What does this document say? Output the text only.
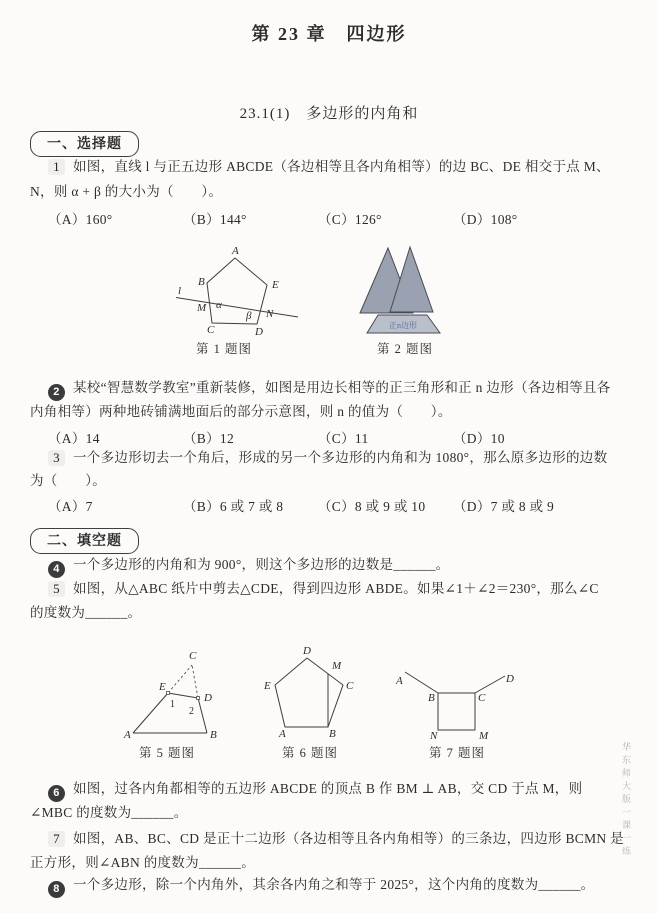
第 23 章　四边形
23.1(1)　多边形的内角和
一、选择题
1 如图，直线 l 与正五边形 ABCDE（各边相等且各内角相等）的边 BC、DE 相交于点 M、
N，则 α + β 的大小为（　　）。
（A）160°	（B）144°	（C）126°	（D）108°
A
B	E
l
M α
β N
C	D
第 1 题图
正n边形
第 2 题图
2 某校“智慧数学教室”重新装修，如图是用边长相等的正三角形和正 n 边形（各边相等且各
内角相等）两种地砖铺满地面后的部分示意图，则 n 的值为（　　）。
（A）14	（B）12	（C）11	（D）10
3 一个多边形切去一个角后，形成的另一个多边形的内角和为 1080°，那么原多边形的边数
为（　　）。
（A）7	（B）6 或 7 或 8	（C）8 或 9 或 10	（D）7 或 8 或 9
二、填空题
4 一个多边形的内角和为 900°，则这个多边形的边数是______。
5 如图，从△ABC 纸片中剪去△CDE，得到四边形 ABDE。如果∠1＋∠2＝230°，那么∠C
的度数为______。
C
E
1
D
2
A	B
第 5 题图
D
M
E	C
A	B
第 6 题图
A	D
B	C
N	M
第 7 题图
6 如图，过各内角都相等的五边形 ABCDE 的顶点 B 作 BM ⊥ AB，交 CD 于点 M，则
∠MBC 的度数为______。
7 如图，AB、BC、CD 是正十二边形（各边相等且各内角相等）的三条边，四边形 BCMN 是
正方形，则∠ABN 的度数为______。
8 一个多边形，除一个内角外，其余各内角之和等于 2025°，这个内角的度数为______。
华东师大版一课一练
